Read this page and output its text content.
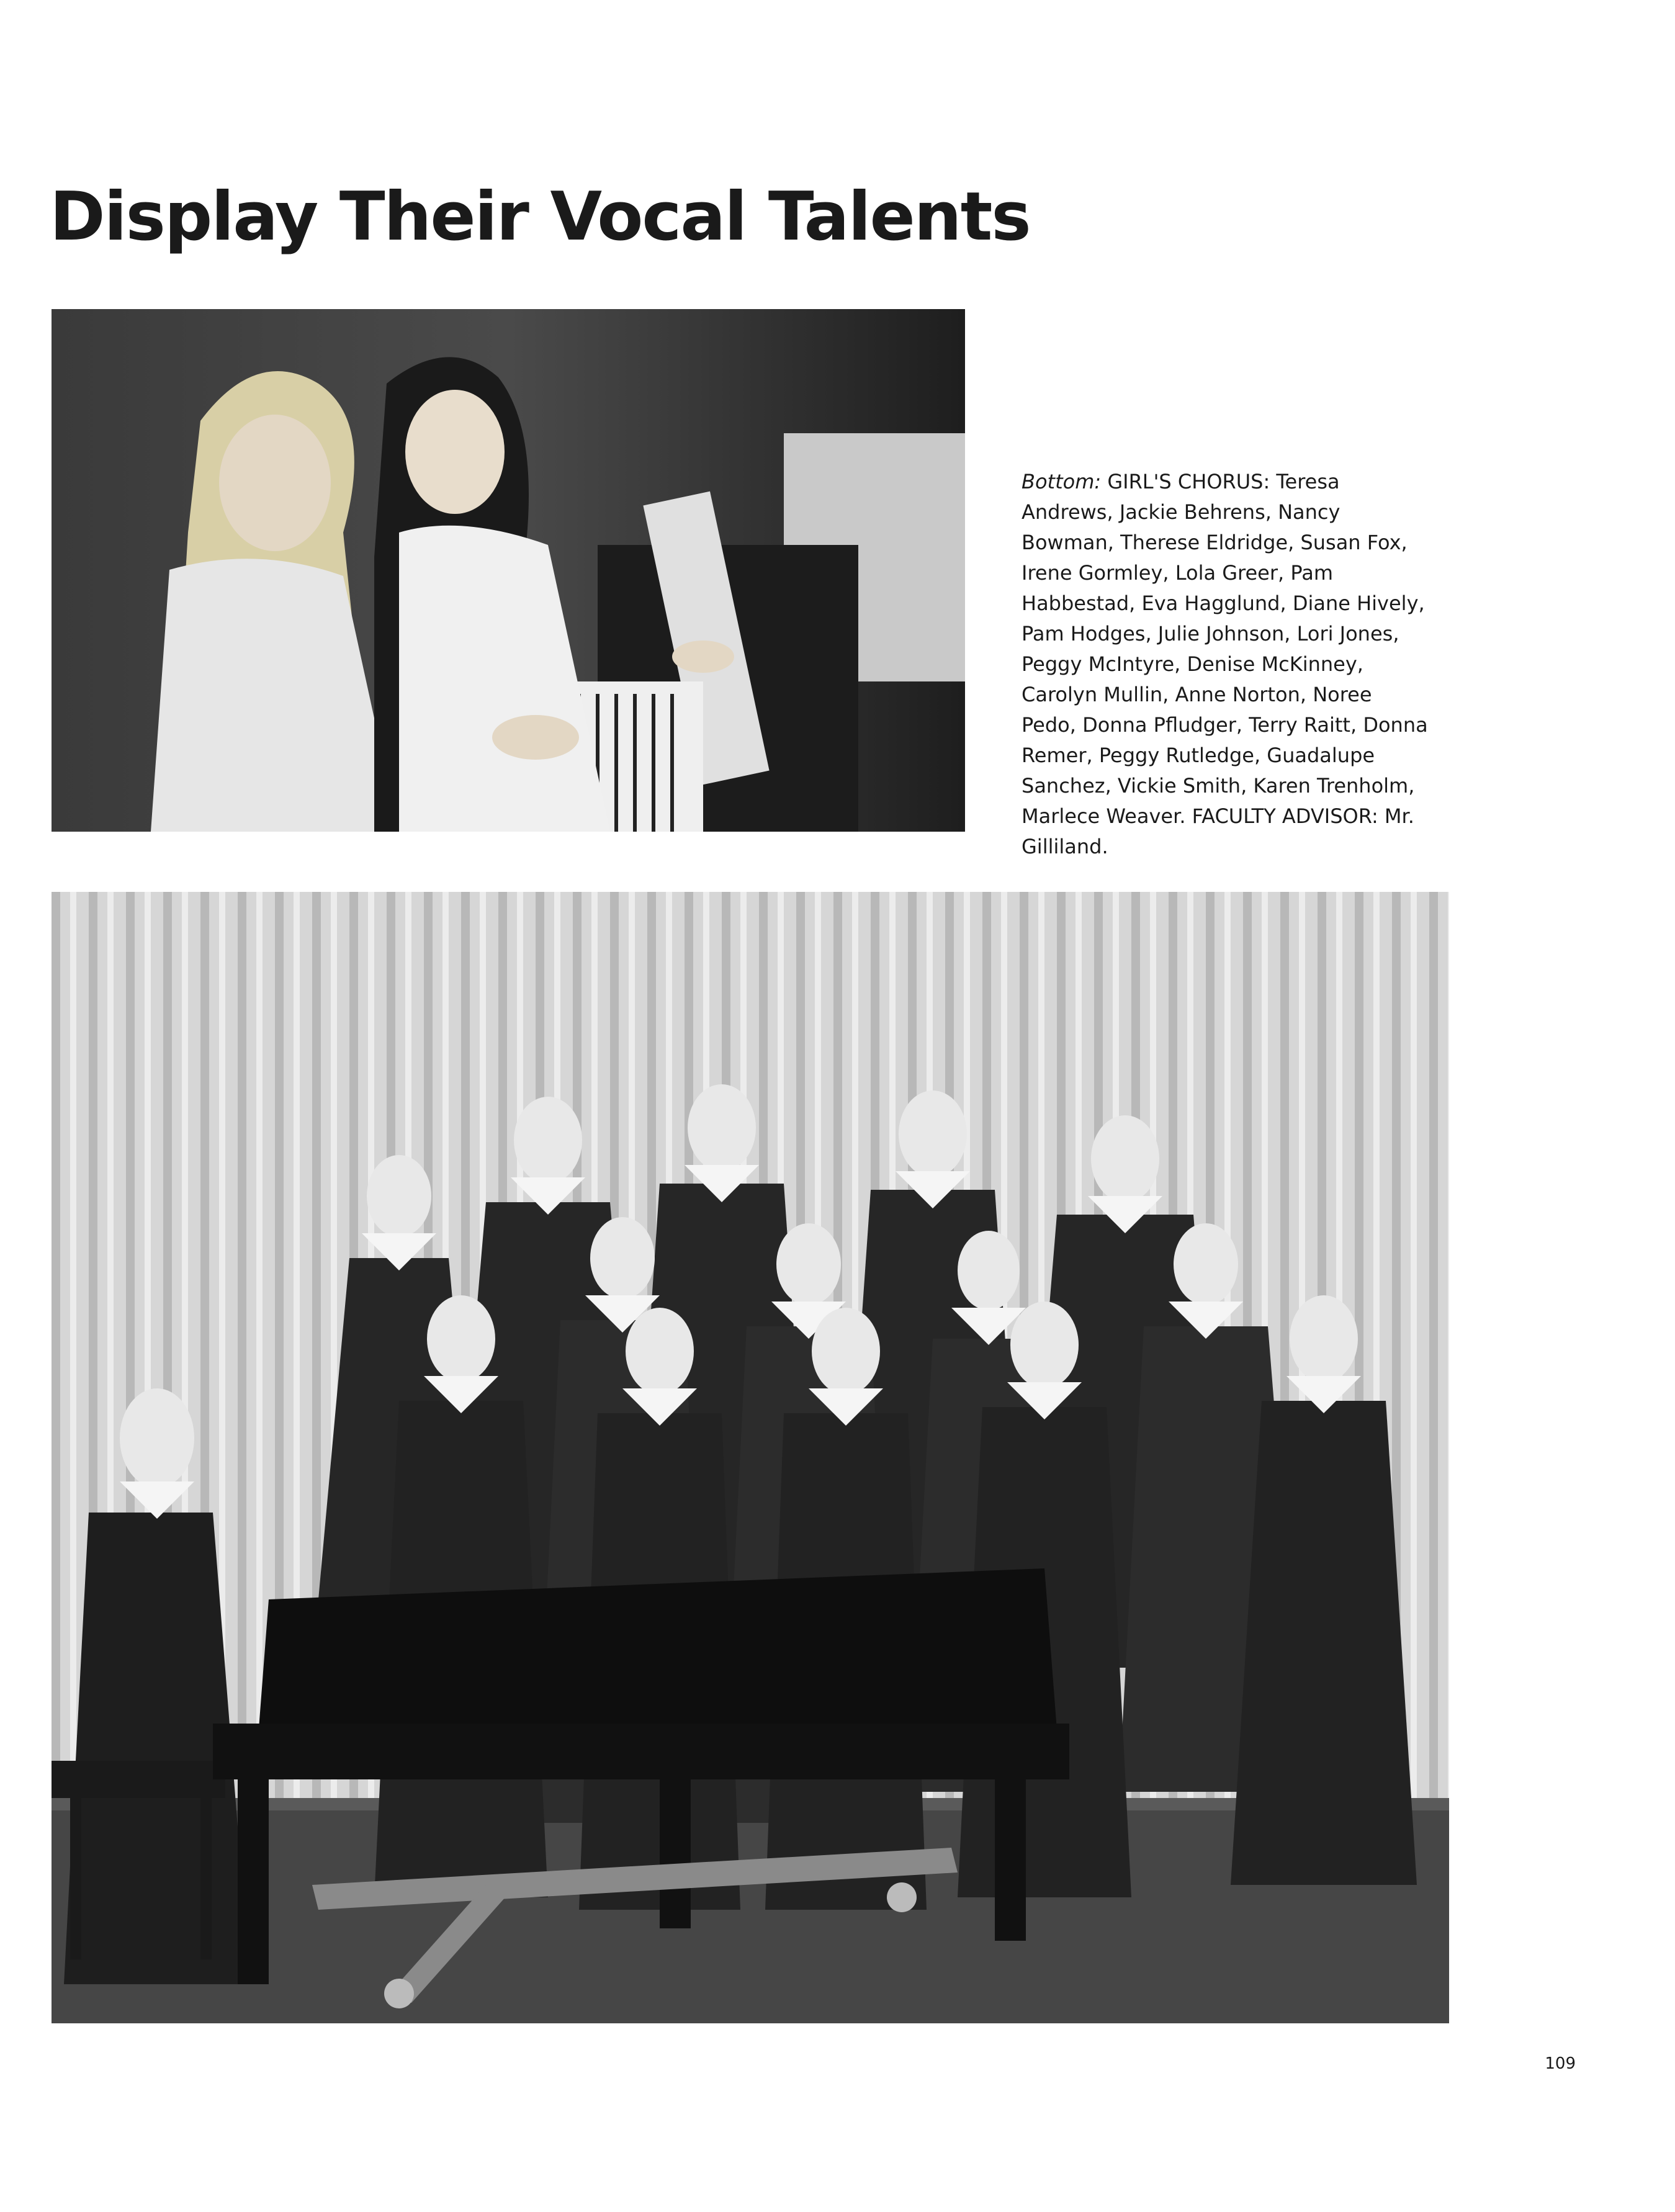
Display Their Vocal Talents

Bottom: GIRL'S CHORUS: Teresa Andrews, Jackie Behrens, Nancy Bowman, Therese Eldridge, Susan Fox, Irene Gormley, Lola Greer, Pam Habbestad, Eva Hagglund, Diane Hively, Pam Hodges, Julie Johnson, Lori Jones, Peggy McIntyre, Denise McKinney, Carolyn Mullin, Anne Norton, Noree Pedo, Donna Pfludger, Terry Raitt, Donna Remer, Peggy Rutledge, Guadalupe Sanchez, Vickie Smith, Karen Trenholm, Marlece Weaver. FACULTY ADVISOR: Mr. Gilliland.

109
